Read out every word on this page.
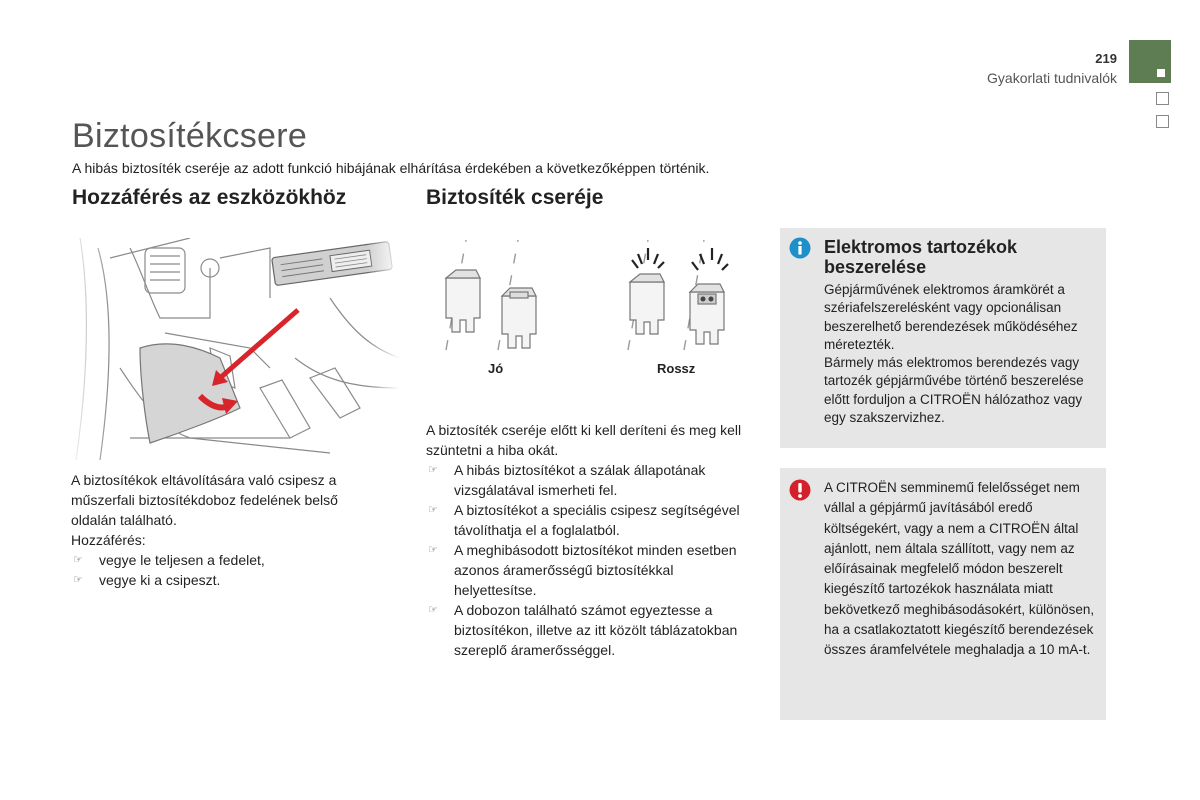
219
Gyakorlati tudnivalók
Biztosítékcsere
A hibás biztosíték cseréje az adott funkció hibájának elhárítása érdekében a következőképpen történik.
Hozzáférés az eszközökhöz	Biztosíték cseréje
Jó	Rossz

A biztosítékok eltávolítására való csipesz a műszerfali biztosítékdoboz fedelének belső oldalán található.

Hozzáférés:

☞ vegye le teljesen a fedelet,
☞ vegye ki a csipeszt.

A biztosíték cseréje előtt ki kell deríteni és meg kell szüntetni a hiba okát.

☞ A hibás biztosítékot a szálak állapotának vizsgálatával ismerheti fel.
☞ A biztosítékot a speciális csipesz segítségével távolíthatja el a foglalatból.
☞ A meghibásodott biztosítékot minden esetben azonos áramerősségű biztosítékkal helyettesítse.
☞ A dobozon található számot egyeztesse a biztosítékon, illetve az itt közölt táblázatokban szereplő áramerősséggel.
Elektromos tartozékok beszerelése
Gépjárművének elektromos áramkörét a szériafelszerelésként vagy opcionálisan beszerelhető berendezések működéséhez méretezték.
Bármely más elektromos berendezés vagy tartozék gépjárművébe történő beszerelése előtt forduljon a CITROËN hálózathoz vagy egy szakszervizhez.
A CITROËN semminemű felelősséget nem vállal a gépjármű javításából eredő költségekért, vagy a nem a CITROËN által ajánlott, nem általa szállított, vagy nem az előírásainak megfelelő módon beszerelt kiegészítő tartozékok használata miatt bekövetkező meghibásodásokért, különösen, ha a csatlakoztatott kiegészítő berendezések összes áramfelvétele meghaladja a 10 mA-t.
